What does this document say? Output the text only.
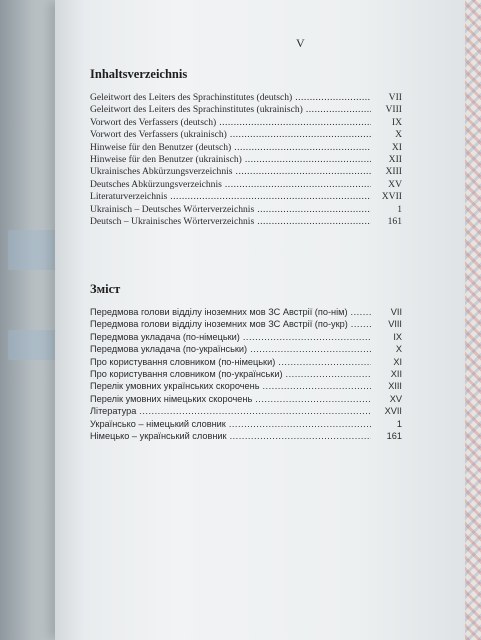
V
Inhaltsverzeichnis
Geleitwort des Leiters des Sprachinstitutes (deutsch) .....	VII
Geleitwort des Leiters des Sprachinstitutes (ukrainisch) .....	VIII
Vorwort des Verfassers (deutsch) .....	IX
Vorwort des Verfassers (ukrainisch) .....	X
Hinweise für den Benutzer (deutsch) .....	XI
Hinweise für den Benutzer (ukrainisch) .....	XII
Ukrainisches Abkürzungsverzeichnis .....	XIII
Deutsches Abkürzungsverzeichnis .....	XV
Literaturverzeichnis .....	XVII
Ukrainisch – Deutsches Wörterverzeichnis .....	1
Deutsch – Ukrainisches Wörterverzeichnis .....	161
Зміст
Передмова голови відділу іноземних мов ЗС Австрії (по-нім) .....	VII
Передмова голови відділу іноземних мов ЗС Австрії (по-укр) .....	VIII
Передмова укладача (по-німецьки) .....	IX
Передмова укладача (по-українськи) .....	X
Про користування словником (по-німецьки) .....	XI
Про користування словником (по-українськи) .....	XII
Перелік умовних українських скорочень .....	XIII
Перелік умовних німецьких скорочень .....	XV
Література .....	XVII
Українсько – німецький словник .....	1
Німецько – український словник .....	161
